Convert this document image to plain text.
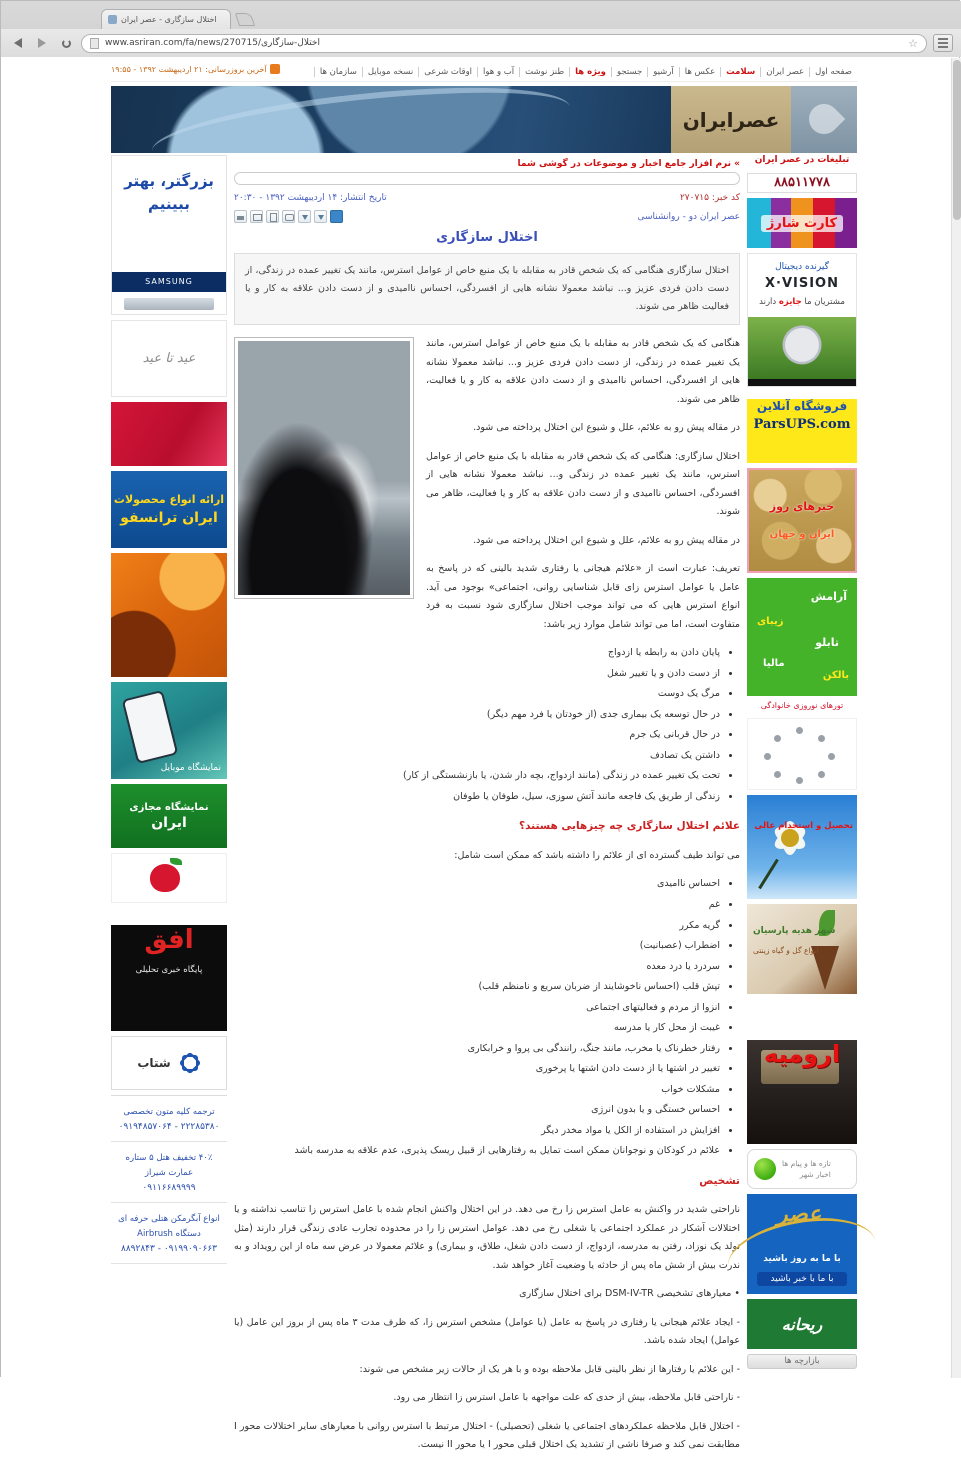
اختلال سازگاری - عصر ایران
www.asriran.com/fa/news/270715/اختلال-سازگاری	☆
صفحه اول
عصر ایران
سلامت
عکس ها
آرشیو
جستجو
ویژه ها
طنز نوشت
آب و هوا
اوقات شرعی
نسخه موبایل
سازمان ها
آخرین بروزرسانی: ۲۱ اردیبهشت ۱۳۹۲ - ۱۹:۵۵
عصرایران
بزرگتر، بهتر ببینیم
SAMSUNG
عید تا عید
ارائه انواع محصولات
ایران ترانسفو
نمایشگاه موبایل
نمایشگاه مجازی
ایران
افق
پایگاه خبری تحلیلی
شتاب
ترجمه کلیه متون تخصصی
۲۲۲۸۵۳۸۰ - ۰۹۱۹۴۸۵۷۰۶۴
۴۰٪ تخفیف هتل ۵ ستاره عمارت شیراز
۰۹۱۱۶۶۸۹۹۹۹
انواع آبگرمکن هتلی حرفه ای دستگاه Airbrush
۰۹۱۹۹۰۹۰۶۶۳ - ۸۸۹۲۸۴۳
» نرم افزار جامع اخبار و موضوعات در گوشی شما
کد خبر: ۲۷۰۷۱۵
تاریخ انتشار: ۱۴ اردیبهشت ۱۳۹۲ - ۲۰:۳۰
عصر ایران دو - روانشناسی
اختلال سازگاری
اختلال سازگاری هنگامی که یک شخص قادر به مقابله با یک منبع خاص از عوامل استرس، مانند یک تغییر عمده در زندگی، از دست دادن فردی عزیز و... نباشد معمولا نشانه هایی از افسردگی، احساس ناامیدی و از دست دادن علاقه به کار و یا فعالیت ظاهر می شوند.

هنگامی که یک شخص قادر به مقابله با یک منبع خاص از عوامل استرس، مانند یک تغییر عمده در زندگی، از دست دادن فردی عزیز و... نباشد معمولا نشانه هایی از افسردگی، احساس ناامیدی و از دست دادن علاقه به کار و یا فعالیت، ظاهر می شوند.

در مقاله پیش رو به علائم، علل و شیوع این اختلال پرداخته می شود.

اختلال سازگاری: هنگامی که یک شخص قادر به مقابله با یک منبع خاص از عوامل استرس، مانند یک تغییر عمده در زندگی و... نباشد معمولا نشانه هایی از افسردگی، احساس ناامیدی و از دست دادن علاقه به کار و یا فعالیت، ظاهر می شوند.

در مقاله پیش رو به علائم، علل و شیوع این اختلال پرداخته می شود.

تعریف: عبارت است از «علائم هیجانی یا رفتاری شدید بالینی که در پاسخ به عامل یا عوامل استرس زای قابل شناسایی روانی، اجتماعی» بوجود می آید. انواع استرس هایی که می تواند موجب اختلال سازگاری شود نسبت به فرد متفاوت است، اما می تواند شامل موارد زیر باشد:

• پایان دادن به رابطه یا ازدواج
• از دست دادن و یا تغییر شغل
• مرگ یک دوست
• در حال توسعه یک بیماری جدی (از خودتان یا فرد مهم دیگر)
• در حال قربانی یک جرم
• داشتن یک تصادف
• تحت یک تغییر عمده در زندگی (مانند ازدواج، بچه دار شدن، یا بازنشستگی از کار)
• زندگی از طریق یک فاجعه مانند آتش سوزی، سیل، طوفان یا طوفان
علائم اختلال سازگاری چه چیزهایی هستند؟

می تواند طیف گسترده ای از علائم را داشته باشد که ممکن است شامل:

• احساس ناامیدی
• غم
• گریه مکرر
• اضطراب (عصبانیت)
• سردرد یا درد معده
• تپش قلب (احساس ناخوشایند از ضربان سریع و نامنظم قلب)
• انزوا از مردم و فعالیتهای اجتماعی
• غیبت از محل کار یا مدرسه
• رفتار خطرناک یا مخرب، مانند جنگ، رانندگی بی پروا و خرابکاری
• تغییر در اشتها یا از دست دادن اشتها یا پرخوری
• مشکلات خواب
• احساس خستگی و یا بدون انرژی
• افزایش در استفاده از الکل یا مواد مخدر دیگر
• علائم در کودکان و نوجوانان ممکن است تمایل به رفتارهایی از قبیل ریسک پذیری، عدم علاقه به مدرسه باشد
تشخیص

ناراحتی شدید در واکنش به عامل استرس زا رخ می دهد. در این اختلال واکنش انجام شده با عامل استرس زا تناسب نداشته و یا اختلالات آشکار در عملکرد اجتماعی یا شغلی رخ می دهد. عوامل استرس زا را در محدوده تجارب عادی زندگی قرار دارند (مثل تولد یک نوزاد، رفتن به مدرسه، ازدواج، از دست دادن شغل، طلاق، و بیماری) و علائم معمولا در عرض سه ماه از این رویداد و به ندرت بیش از شش ماه پس از حادثه یا وضعیت آغاز خواهد شد.

• معیارهای تشخیصی DSM-IV-TR برای اختلال سازگاری

- ایجاد علائم هیجانی یا رفتاری در پاسخ به عامل (یا عوامل) مشخص استرس زا، که ظرف مدت ۳ ماه پس از بروز این عامل (یا عوامل) ایجاد شده باشد.

- این علائم یا رفتارها از نظر بالینی قابل ملاحظه بوده و با هر یک از حالات زیر مشخص می شوند:

- ناراحتی قابل ملاحظه، بیش از حدی که علت مواجهه با عامل استرس زا انتظار می رود.

- اختلال قابل ملاحظه عملکردهای اجتماعی یا شغلی (تحصیلی) - اختلال مرتبط با استرس روانی با معیارهای سایر اختلالات محور I مطابقت نمی کند و صرفا ناشی از تشدید یک اختلال قبلی محور I یا محور II نیست.

تبلیغات در عصر ایران
۸۸۵۱۱۷۷۸
کارت شارژ
گیرنده دیجیتال
X·VISION
مشتریان ما جایزه دارند
فروشگاه آنلاین
ParsUPS.com
خبرهای روز
ایران و جهان
آرامش
زیبای
تابلو
مالیا
بالکن
تورهای نوروزی خانوادگی
تحصیل و استخدام عالی
شهر هدیه پارسیان
انواع گل و گیاه زینتی
ارومیه
تازه ها و پیام ها
اخبار شهر
عصر
با ما به روز باشید
با ما با خبر باشید
ریحانه
بازارچه ها
